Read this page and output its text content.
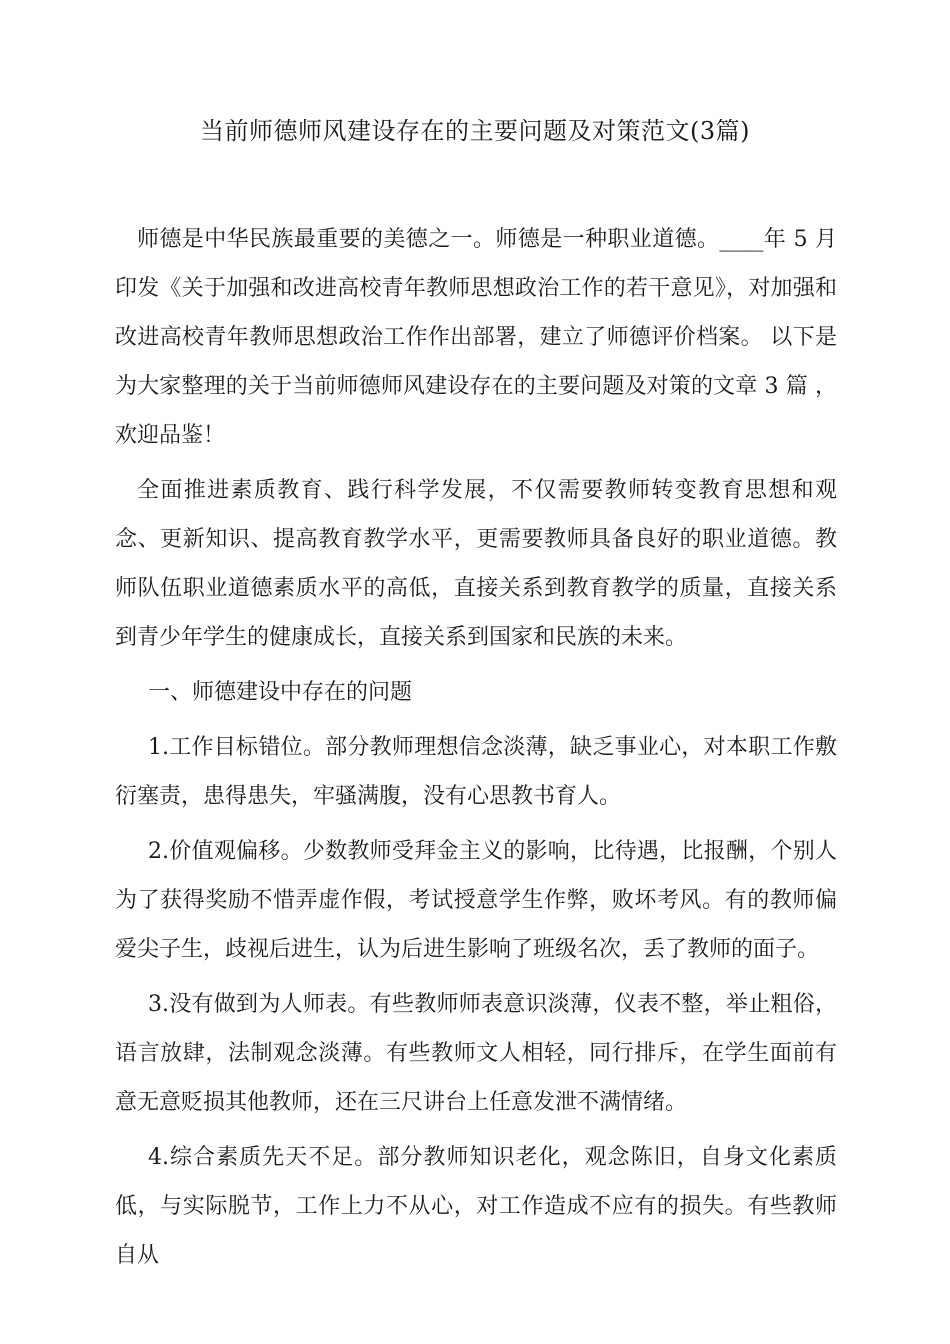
当前师德师风建设存在的主要问题及对策范文(3篇)

师德是中华民族最重要的美德之一。师德是一种职业道德。____年 5 月印发《关于加强和改进高校青年教师思想政治工作的若干意见》，对加强和改进高校青年教师思想政治工作作出部署，建立了师德评价档案。 以下是为大家整理的关于当前师德师风建设存在的主要问题及对策的文章 3 篇 ，欢迎品鉴！

全面推进素质教育、践行科学发展，不仅需要教师转变教育思想和观念、更新知识、提高教育教学水平，更需要教师具备良好的职业道德。教师队伍职业道德素质水平的高低，直接关系到教育教学的质量，直接关系到青少年学生的健康成长，直接关系到国家和民族的未来。

一、师德建设中存在的问题

1.工作目标错位。部分教师理想信念淡薄，缺乏事业心，对本职工作敷衍塞责，患得患失，牢骚满腹，没有心思教书育人。

2.价值观偏移。少数教师受拜金主义的影响，比待遇，比报酬，个别人为了获得奖励不惜弄虚作假，考试授意学生作弊，败坏考风。有的教师偏爱尖子生，歧视后进生，认为后进生影响了班级名次，丢了教师的面子。

3.没有做到为人师表。有些教师师表意识淡薄，仪表不整，举止粗俗，语言放肆，法制观念淡薄。有些教师文人相轻，同行排斥，在学生面前有意无意贬损其他教师，还在三尺讲台上任意发泄不满情绪。

4.综合素质先天不足。部分教师知识老化，观念陈旧，自身文化素质低，与实际脱节，工作上力不从心，对工作造成不应有的损失。有些教师自从
